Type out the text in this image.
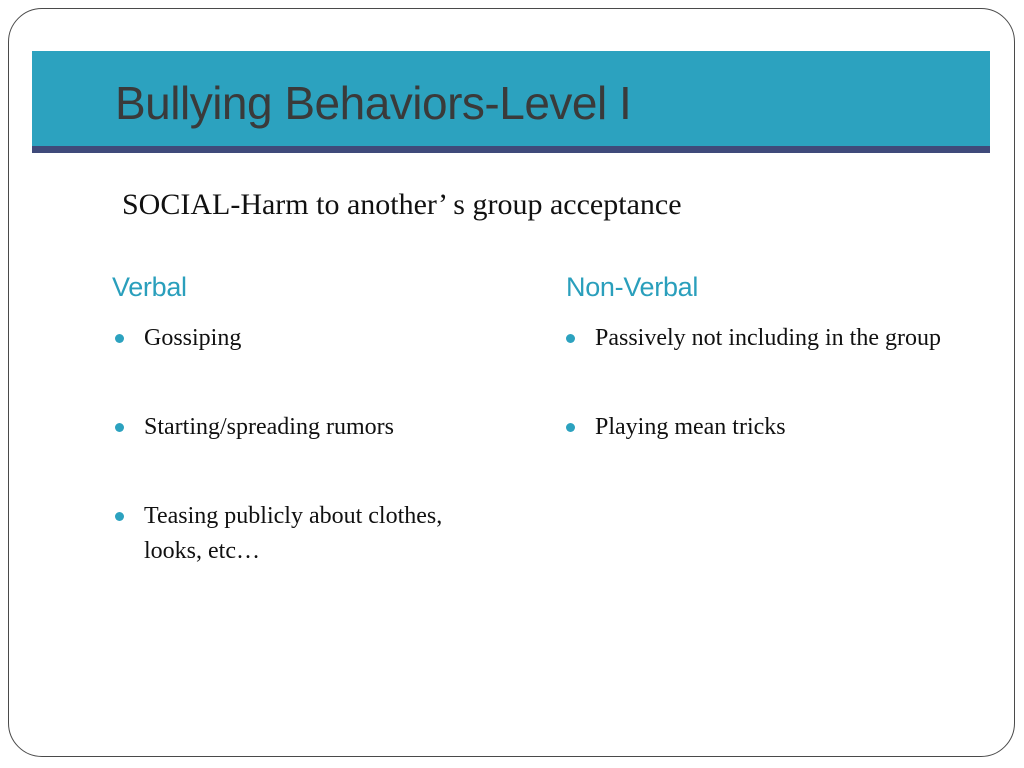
Bullying Behaviors-Level I

SOCIAL-Harm to another’ s group acceptance

Verbal	Non-Verbal
Gossiping
Starting/spreading rumors
Teasing publicly about clothes, looks, etc…
Passively not including in the group
Playing mean tricks
